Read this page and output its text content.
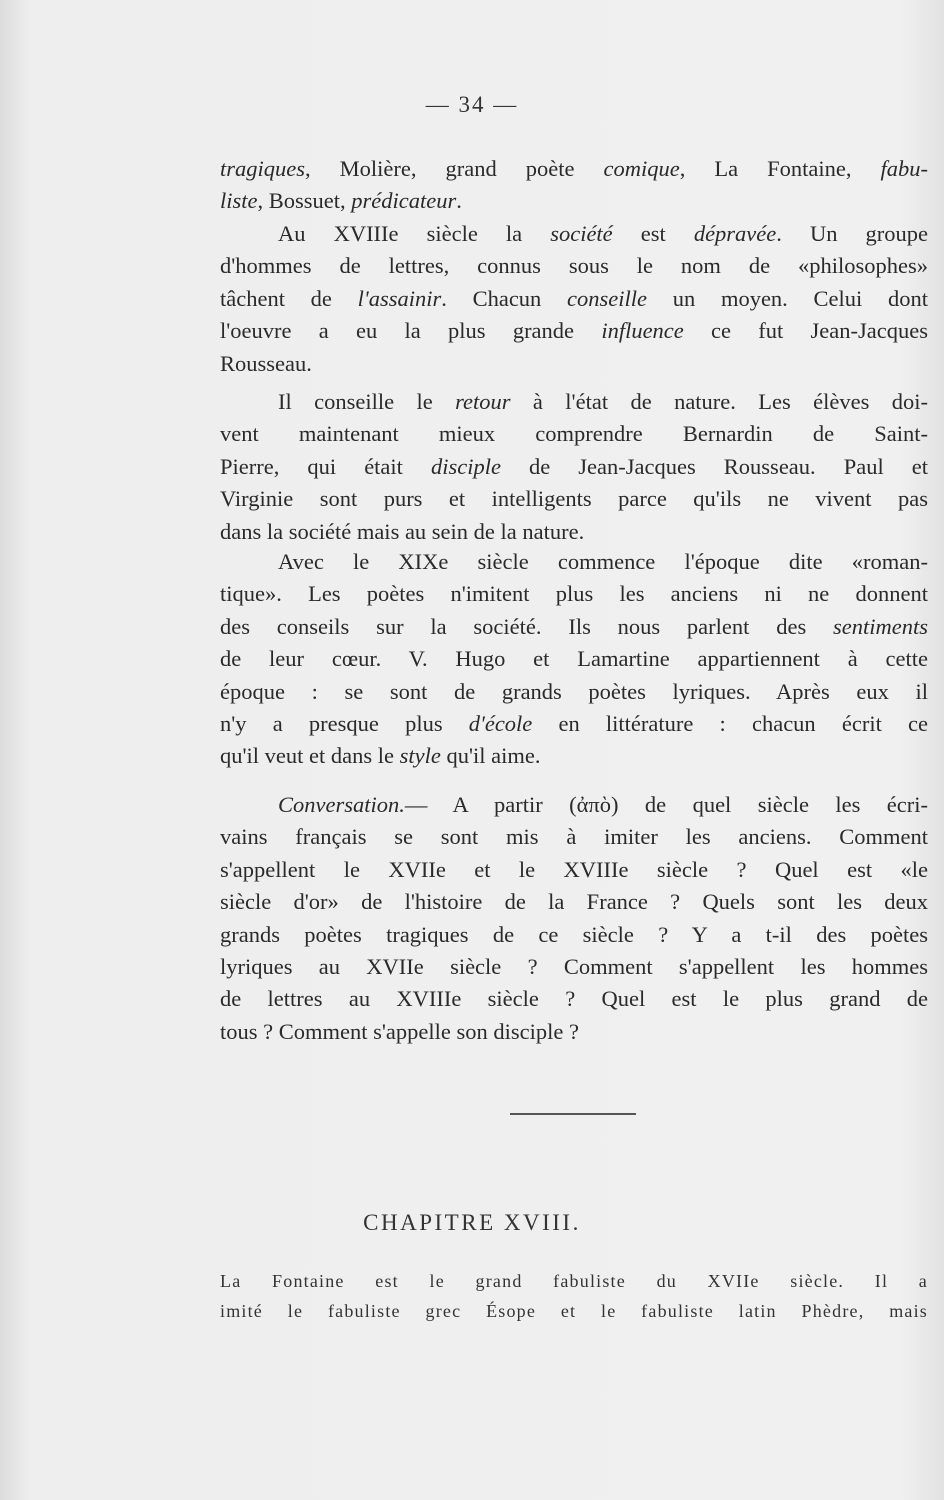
— 34 —
tragiques, Molière, grand poète comique, La Fontaine, fabu-
liste, Bossuet, prédicateur.
Au XVIIIe siècle la société est dépravée. Un groupe
d'hommes de lettres, connus sous le nom de «philosophes»
tâchent de l'assainir. Chacun conseille un moyen. Celui dont
l'oeuvre a eu la plus grande influence ce fut Jean-Jacques
Rousseau.
Il conseille le retour à l'état de nature. Les élèves doi-
vent maintenant mieux comprendre Bernardin de Saint-
Pierre, qui était disciple de Jean-Jacques Rousseau. Paul et
Virginie sont purs et intelligents parce qu'ils ne vivent pas
dans la société mais au sein de la nature.
Avec le XIXe siècle commence l'époque dite «roman-
tique». Les poètes n'imitent plus les anciens ni ne donnent
des conseils sur la société. Ils nous parlent des sentiments
de leur cœur. V. Hugo et Lamartine appartiennent à cette
époque : se sont de grands poètes lyriques. Après eux il
n'y a presque plus d'école en littérature : chacun écrit ce
qu'il veut et dans le style qu'il aime.
Conversation.— A partir (ἀπὸ) de quel siècle les écri-
vains français se sont mis à imiter les anciens. Comment
s'appellent le XVIIe et le XVIIIe siècle ? Quel est «le
siècle d'or» de l'histoire de la France ? Quels sont les deux
grands poètes tragiques de ce siècle ? Y a t-il des poètes
lyriques au XVIIe siècle ? Comment s'appellent les hommes
de lettres au XVIIIe siècle ? Quel est le plus grand de
tous ? Comment s'appelle son disciple ?
CHAPITRE XVIII.
La Fontaine est le grand fabuliste du XVIIe siècle. Il a
imité le fabuliste grec Ésope et le fabuliste latin Phèdre, mais
